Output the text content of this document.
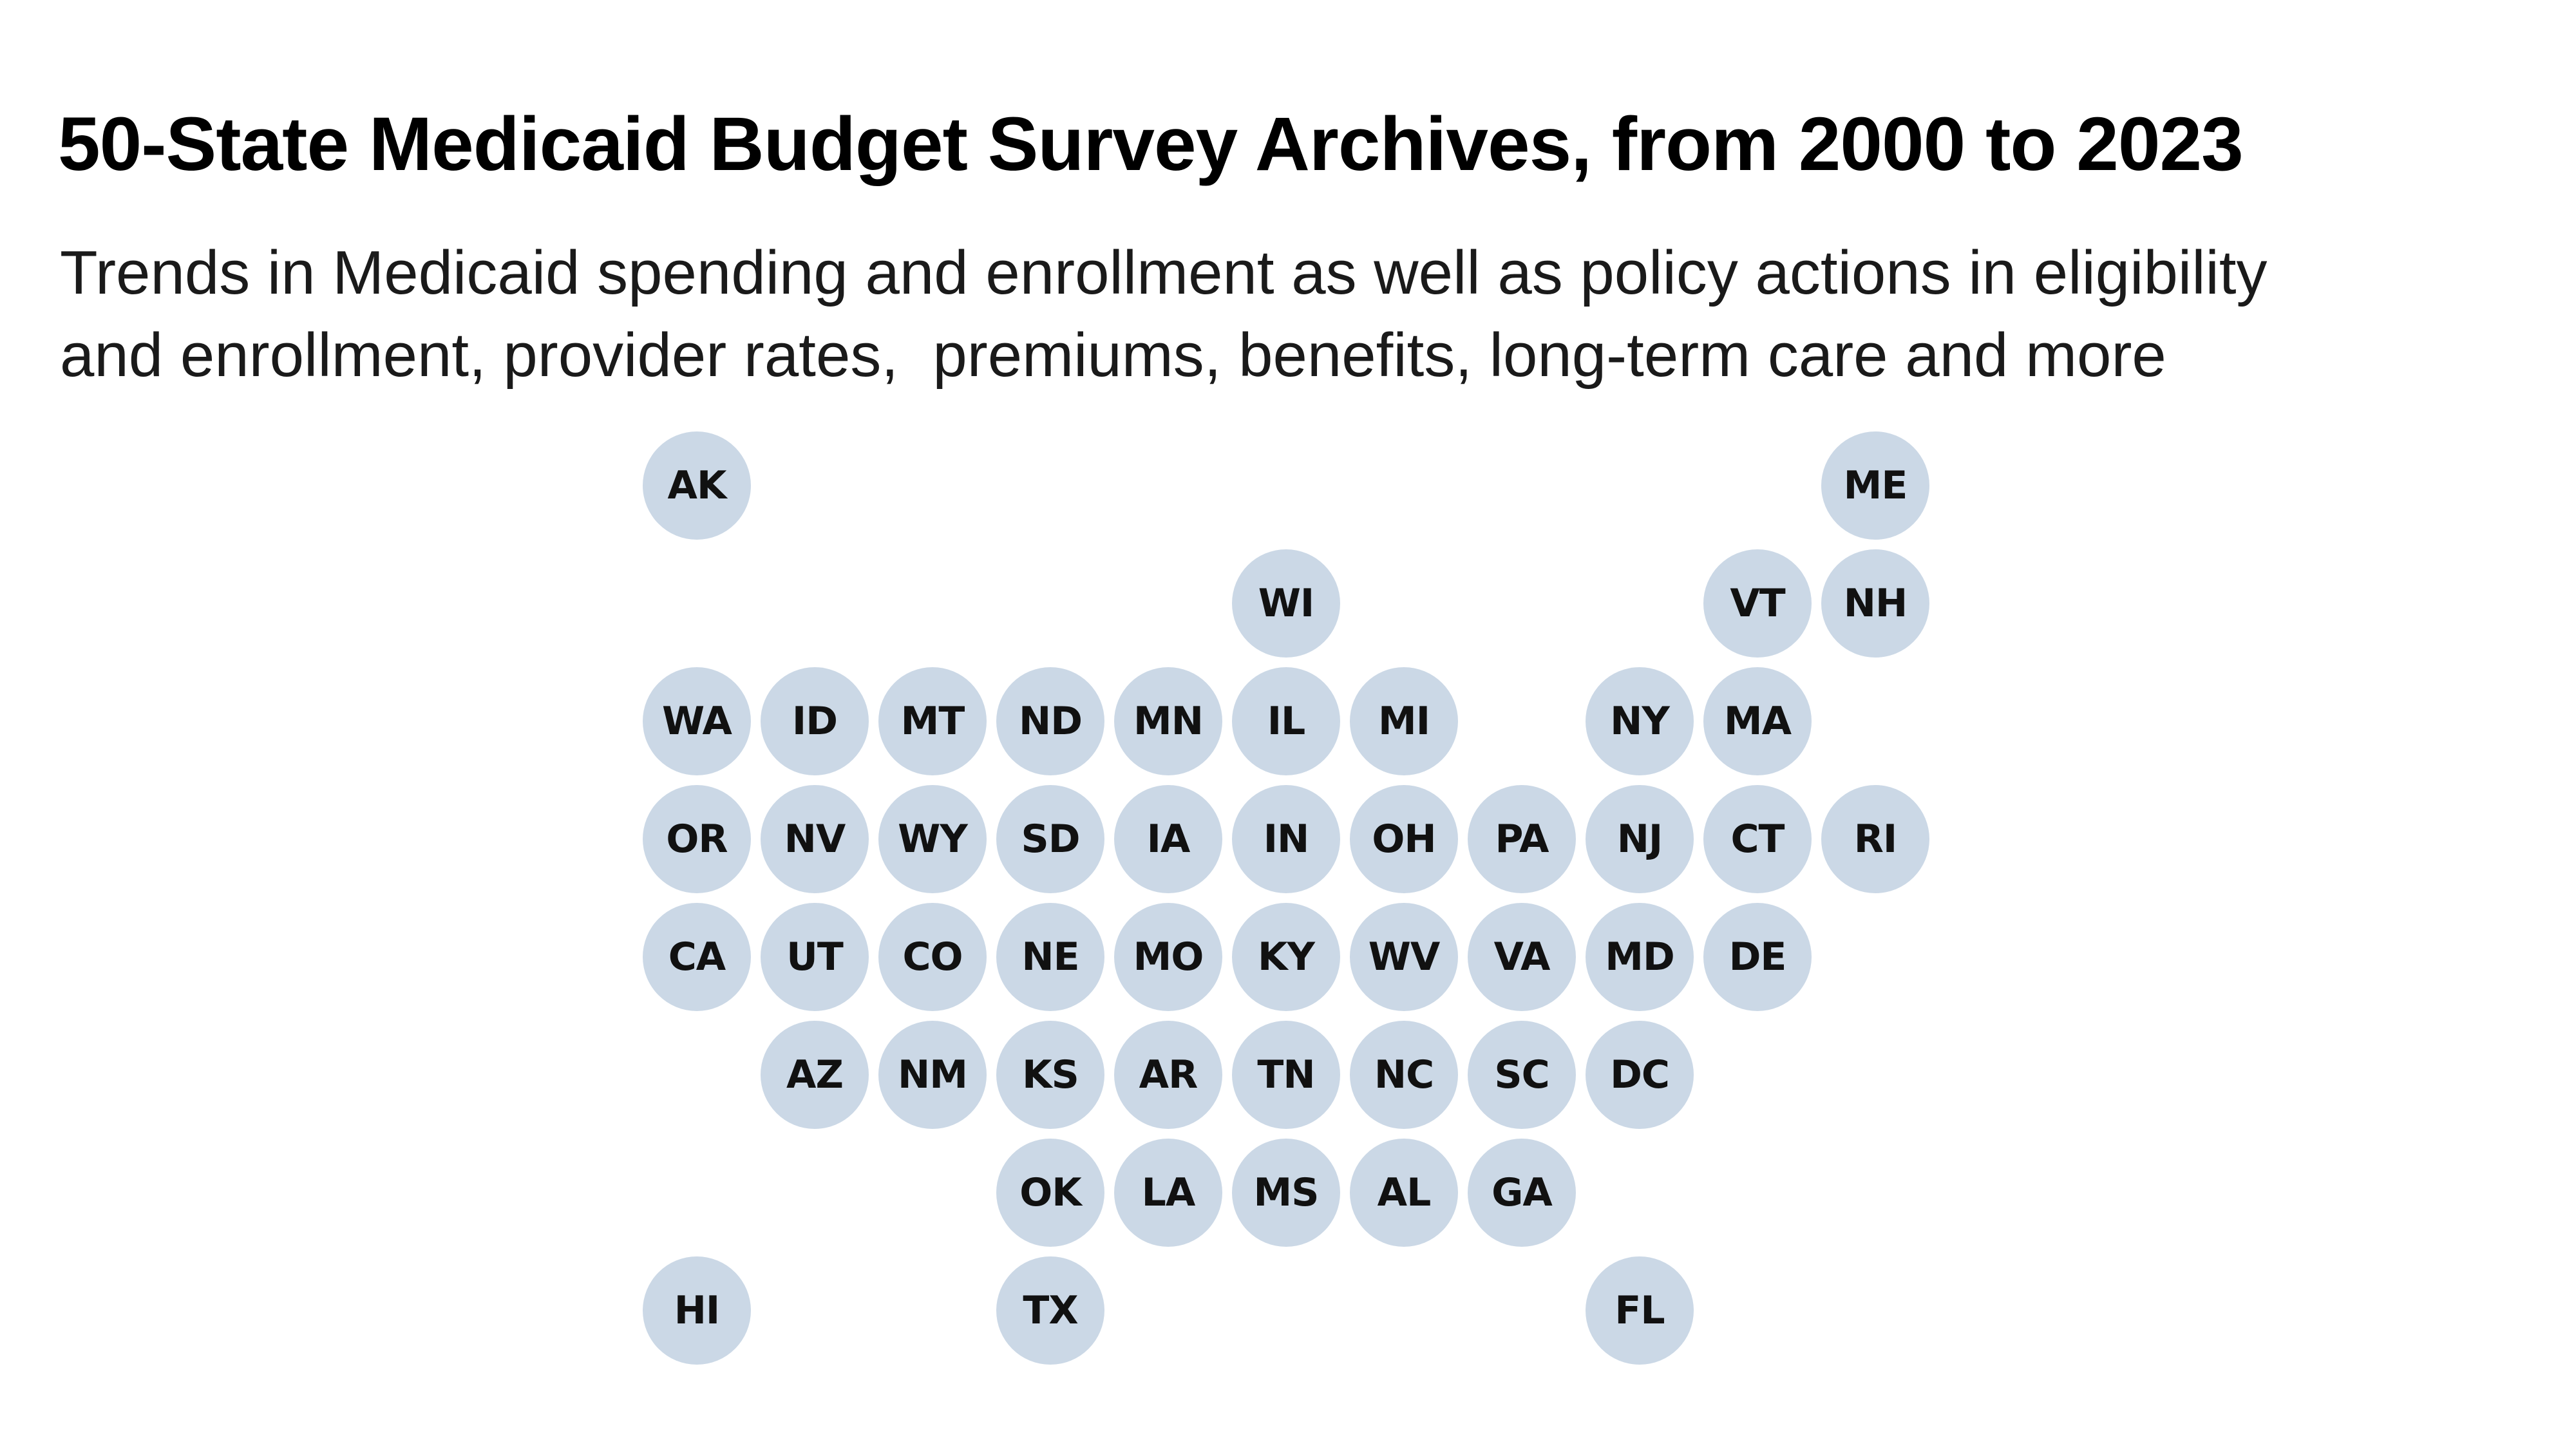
50-State Medicaid Budget Survey Archives, from 2000 to 2023

Trends in Medicaid spending and enrollment as well as policy actions in eligibility
and enrollment, provider rates,  premiums, benefits, long-term care and more

AK	ME
WI	VT	NH
WA	ID	MT	ND	MN	IL	MI	NY	MA
OR	NV	WY	SD	IA	IN	OH	PA	NJ	CT	RI
CA	UT	CO	NE	MO	KY	WV	VA	MD	DE
AZ	NM	KS	AR	TN	NC	SC	DC
OK	LA	MS	AL	GA
HI	TX	FL
